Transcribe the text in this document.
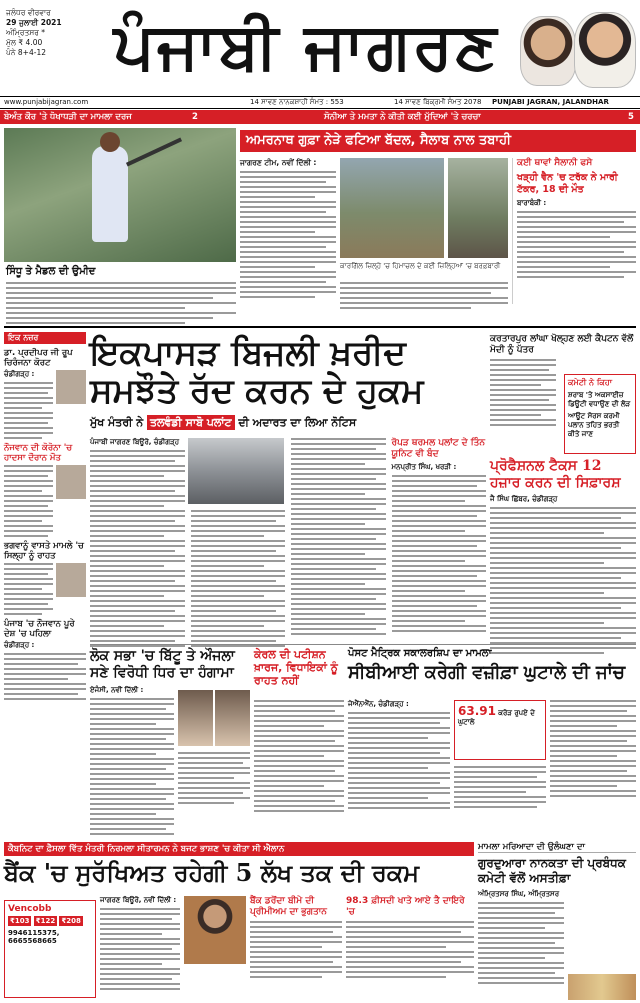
ਜਲੰਧਰ ਵੀਰਵਾਰ
29 ਜੁਲਾਈ 2021
ਅੰਮ੍ਰਿਤਸਰ *
ਮੁੱਲ ₹ 4.00
ਪੰਨੇ 8+4-12	ਪੰਜਾਬੀ ਜਾਗਰਣ
www.punjabijagran.com	14 ਸਾਵਣ ਨਾਨਕਸ਼ਾਹੀ ਸੰਮਤ : 553	14 ਸਾਵਣ ਬਿਕ੍ਰਮੀ ਸੰਮਤ 2078 PUNJABI JAGRAN, JALANDHAR
ਬੇਅੰਤ ਕੌਰ 'ਤੇ ਧੋਖਾਧੜੀ ਦਾ ਮਾਮਲਾ ਦਰਜ	2	ਸੋਨੀਆ ਤੇ ਮਮਤਾ ਨੇ ਕੀਤੀ ਕਈ ਮੁੱਦਿਆਂ 'ਤੇ ਚਰਚਾ	5
ਸਿੰਧੂ ਤੇ ਮੈਡਲ ਦੀ ਉਮੀਦ
ਅਮਰਨਾਥ ਗੁਫ਼ਾ ਨੇੜੇ ਫਟਿਆ ਬੱਦਲ, ਸੈਲਾਬ ਨਾਲ ਤਬਾਹੀ
ਜਾਗਰਣ ਟੀਮ, ਨਵੀਂ ਦਿੱਲੀ :
ਕਾਰਗਿੱਲ ਜ਼ਿਲ੍ਹੇ 'ਚ ਹਿਮਾਚਲ ਦੇ ਕਈ ਜ਼ਿਲ੍ਹਿਆਂ 'ਚ ਬਰਫ਼ਬਾਰੀ
ਕਈ ਥਾਵਾਂ ਸੈਲਾਨੀ ਫਸੇ
ਖੜ੍ਹੀ ਵੈਨ 'ਚ ਟਰੱਕ ਨੇ ਮਾਰੀ ਟੱਕਰ, 18 ਦੀ ਮੌਤ
ਬਾਰਾਬੰਕੀ :
ਇਕ ਨਜ਼ਰ
ਡਾ. ਪ੍ਰਦੀਪਰ ਜੀ ਰੂਪ ਚਿਰੰਜਨਾ ਕੋਰਟ
ਚੰਡੀਗੜ੍ਹ :
ਨੌਜਵਾਨ ਦੀ ਕੋਰੋਨਾ 'ਚ ਹਾਦਸਾ ਦੌਰਾਨ ਮੌਤ
ਭਗਵਾਨੂੰ ਵਾਸਤੇ ਮਾਮਲੇ 'ਚ ਸਿਲ੍ਹਾ ਨੂੰ ਰਾਹਤ
ਪੰਜਾਬ 'ਚ ਨੌਜਵਾਨ ਪੂਰੇ ਦੇਸ਼ 'ਚ ਪਹਿਲਾ
ਚੰਡੀਗੜ੍ਹ :
ਇਕਪਾਸੜ ਬਿਜਲੀ ਖ਼ਰੀਦ ਸਮਝੌਤੇ ਰੱਦ ਕਰਨ ਦੇ ਹੁਕਮ
ਮੁੱਖ ਮੰਤਰੀ ਨੇ ਤਲਵੰਡੀ ਸਾਬੋ ਪਲਾਂਟ ਦੀ ਅਦਾਰਤ ਦਾ ਲਿਆ ਨੋਟਿਸ
ਪੰਜਾਬੀ ਜਾਗਰਣ ਬਿਊਰੋ, ਚੰਡੀਗੜ੍ਹ	ਰੋਪੜ ਥਰਮਲ ਪਲਾਂਟ ਦੇ ਤਿੰਨ ਯੂਨਿਟ ਵੀ ਬੰਦ
ਮਨਪ੍ਰੀਤ ਸਿੰਘ, ਖਰੜੀ :
ਕਰਤਾਰਪੁਰ ਲਾਂਘਾ ਖੋਲ੍ਹਣ ਲਈ ਕੈਪਟਨ ਵੱਲੋਂ ਮੋਦੀ ਨੂੰ ਪੱਤਰ
ਪ੍ਰੋਫੈਸ਼ਨਲ ਟੈਕਸ 12 ਹਜ਼ਾਰ ਕਰਨ ਦੀ ਸਿਫ਼ਾਰਸ਼
ਜੈ ਸਿੰਘ ਛਿੱਬਰ, ਚੰਡੀਗੜ੍ਹ
ਕਮੇਟੀ ਨੇ ਕਿਹਾ
ਸ਼ਰਾਬ 'ਤੇ ਅਕਸਾਈਜ਼ ਡਿਊਟੀ ਵਧਾਉਣ ਦੀ ਲੋੜ
ਆਊਟ ਸੋਰਸ ਕਰਮੀ ਪਲਾਨ ਤਹਿਤ ਭਰਤੀ ਕੀਤੇ ਜਾਣ
ਲੋਕ ਸਭਾ 'ਚ ਬਿੱਟੂ ਤੇ ਔਜਲਾ ਸਣੇ ਵਿਰੋਧੀ ਧਿਰ ਦਾ ਹੰਗਾਮਾ
ਏਜੰਸੀ, ਨਵੀਂ ਦਿੱਲੀ :
ਕੇਰਲ ਦੀ ਪਟੀਸ਼ਨ ਖ਼ਾਰਜ, ਵਿਧਾਇਕਾਂ ਨੂੰ ਰਾਹਤ ਨਹੀਂ
ਪੋਸਟ ਮੈਟ੍ਰਿਕ ਸਕਾਲਰਸ਼ਿਪ ਦਾ ਮਾਮਲਾ
ਸੀਬੀਆਈ ਕਰੇਗੀ ਵਜ਼ੀਫ਼ਾ ਘੁਟਾਲੇ ਦੀ ਜਾਂਚ
ਜੇਐੱਨਐੱਨ, ਚੰਡੀਗੜ੍ਹ :	63.91 ਕਰੋੜ ਰੁਪਏ ਦੇ ਘੁਟਾਲੇ
ਕੈਬਨਿਟ ਦਾ ਫ਼ੈਸਲਾ ਵਿੱਤ ਮੰਤਰੀ ਨਿਰਮਲਾ ਸੀਤਾਰਮਨ ਨੇ ਬਜਟ ਭਾਸ਼ਣ 'ਚ ਕੀਤਾ ਸੀ ਐਲਾਨ
ਬੈਂਕ 'ਚ ਸੁਰੱਖਿਅਤ ਰਹੇਗੀ 5 ਲੱਖ ਤਕ ਦੀ ਰਕਮ
ਜਾਗਰਣ ਬਿਊਰੋ, ਨਵੀਂ ਦਿੱਲੀ :	ਬੈਂਕ ਡਰੋਂਦਾ ਬੀਮੇ ਦੀ ਪ੍ਰੀਮੀਅਮ ਦਾ ਭੁਗਤਾਨ
98.3 ਫ਼ੀਸਦੀ ਖਾਤੇ ਆਏ ਤੈ ਦਾਇਰੇ 'ਚ
Vencobb
₹103 ₹122 ₹208
9946115375, 6665568665
ਮਾਮਲਾ ਮਰਿਆਦਾ ਦੀ ਉਲੰਘਣਾ ਦਾ
ਗੁਰਦੁਆਰਾ ਨਾਨਕਤਾ ਦੀ ਪ੍ਰਬੰਧਕ ਕਮੇਟੀ ਵੱਲੋਂ ਅਸਤੀਫ਼ਾ
ਅੰਮ੍ਰਿਤਸਰ ਸਿੰਘ, ਅੰਮ੍ਰਿਤਸਰ
